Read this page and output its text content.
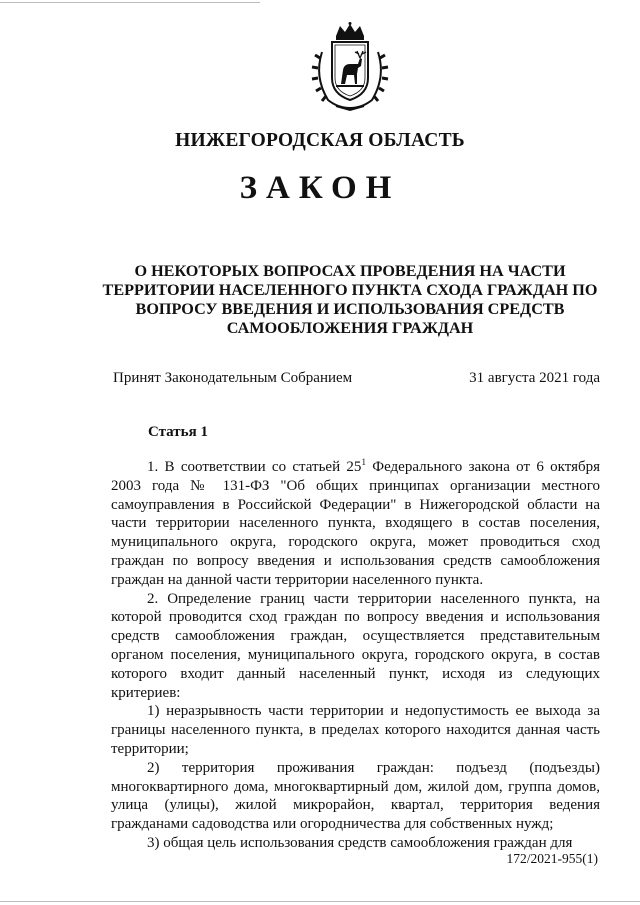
НИЖЕГОРОДСКАЯ ОБЛАСТЬ
ЗАКОН
О НЕКОТОРЫХ ВОПРОСАХ ПРОВЕДЕНИЯ НА ЧАСТИ
ТЕРРИТОРИИ НАСЕЛЕННОГО ПУНКТА СХОДА ГРАЖДАН ПО
ВОПРОСУ ВВЕДЕНИЯ И ИСПОЛЬЗОВАНИЯ СРЕДСТВ
САМООБЛОЖЕНИЯ ГРАЖДАН
Принят Законодательным Собранием	31 августа 2021 года
Статья 1

1. В соответствии со статьей $25^1$ Федерального закона от 6 октября 2003 года № 131-ФЗ "Об общих принципах организации местного самоуправления в Российской Федерации" в Нижегородской области на части территории населенного пункта, входящего в состав поселения, муниципального округа, городского округа, может проводиться сход граждан по вопросу введения и использования средств самообложения граждан на данной части территории населенного пункта.

2. Определение границ части территории населенного пункта, на которой проводится сход граждан по вопросу введения и использования средств самообложения граждан, осуществляется представительным органом поселения, муниципального округа, городского округа, в состав которого входит данный населенный пункт, исходя из следующих критериев:

1) неразрывность части территории и недопустимость ее выхода за границы населенного пункта, в пределах которого находится данная часть территории;

2) территория проживания граждан: подъезд (подъезды) многоквартирного дома, многоквартирный дом, жилой дом, группа домов, улица (улицы), жилой микрорайон, квартал, территория ведения гражданами садоводства или огородничества для собственных нужд;

3) общая цель использования средств самообложения граждан для

172/2021-955(1)
